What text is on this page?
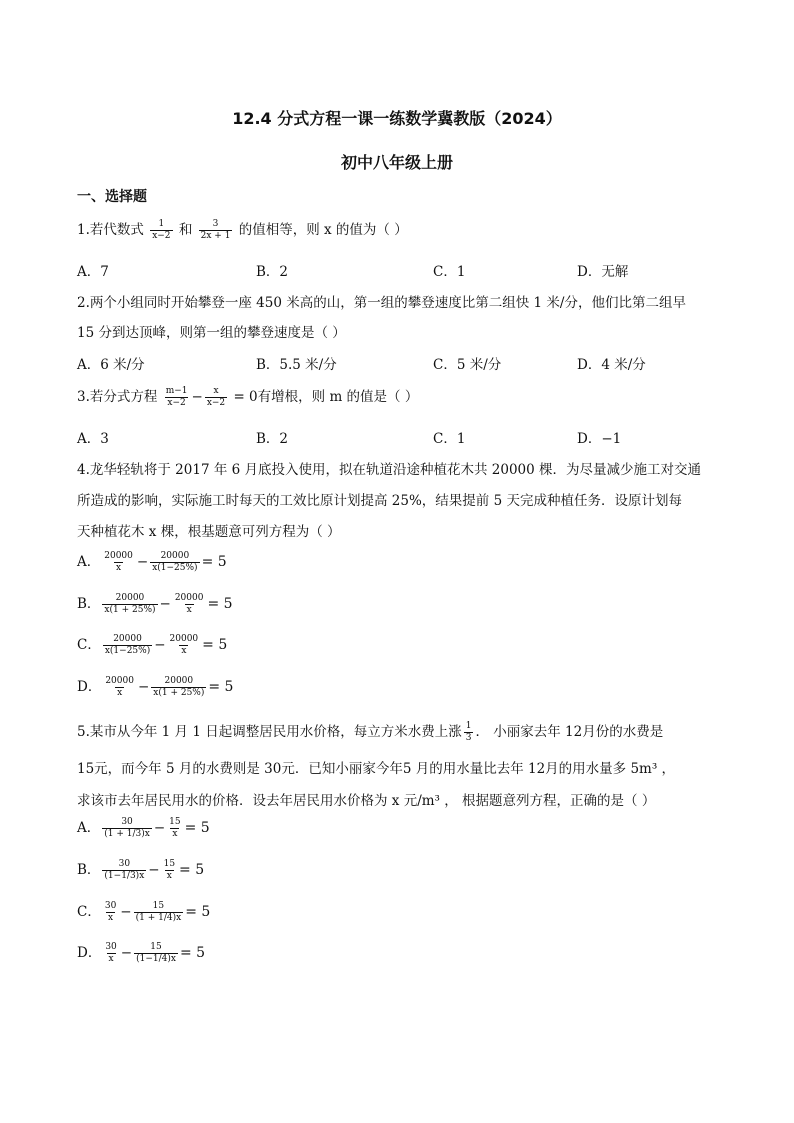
12.4 分式方程一课一练数学冀教版（2024）
初中八年级上册
一、选择题
1.若代数式 $\frac{1}{x-2}$ 和 $\frac{3}{2x + 1}$ 的值相等，则 x 的值为（ ）
A．7	B．2	C．1	D．无解
2.两个小组同时开始攀登一座 450 米高的山，第一组的攀登速度比第二组快 1 米/分，他们比第二组早
15 分到达顶峰，则第一组的攀登速度是（ ）
A．6 米/分	B．5.5 米/分	C．5 米/分	D．4 米/分
3.若分式方程 $\frac{m-1}{x-2} - \frac{x}{x-2} = 0$有增根，则 m 的值是（ ）
A．3	B．2	C．1	D．−1
4.龙华轻轨将于 2017 年 6 月底投入使用，拟在轨道沿途种植花木共 20000 棵．为尽量减少施工对交通
所造成的影响，实际施工时每天的工效比原计划提高 25%，结果提前 5 天完成种植任务．设原计划每
天种植花木 x 棵，根基题意可列方程为（ ）
A． $\frac{20000}{x} - \frac{20000}{x(1-25\%)} = 5$
B． $\frac{20000}{x(1 + 25\%)} - \frac{20000}{x} = 5$
C． $\frac{20000}{x(1-25\%)} - \frac{20000}{x} = 5$
D． $\frac{20000}{x} - \frac{20000}{x(1 + 25\%)} = 5$
5.某市从今年 1 月 1 日起调整居民用水价格，每立方米水费上涨 $\frac{1}{3}$ ． 小丽家去年 12月份的水费是
15元，而今年 5 月的水费则是 30元．已知小丽家今年5 月的用水量比去年 12月的用水量多 5m³ ，
求该市去年居民用水的价格．设去年居民用水价格为 x 元/m³ ， 根据题意列方程，正确的是（ ）
A． $\frac{30}{(1 + 1/3)x} - \frac{15}{x} = 5$
B． $\frac{30}{(1-1/3)x} - \frac{15}{x} = 5$
C． $\frac{30}{x} - \frac{15}{(1 + 1/4)x} = 5$
D． $\frac{30}{x} - \frac{15}{(1-1/4)x} = 5$
